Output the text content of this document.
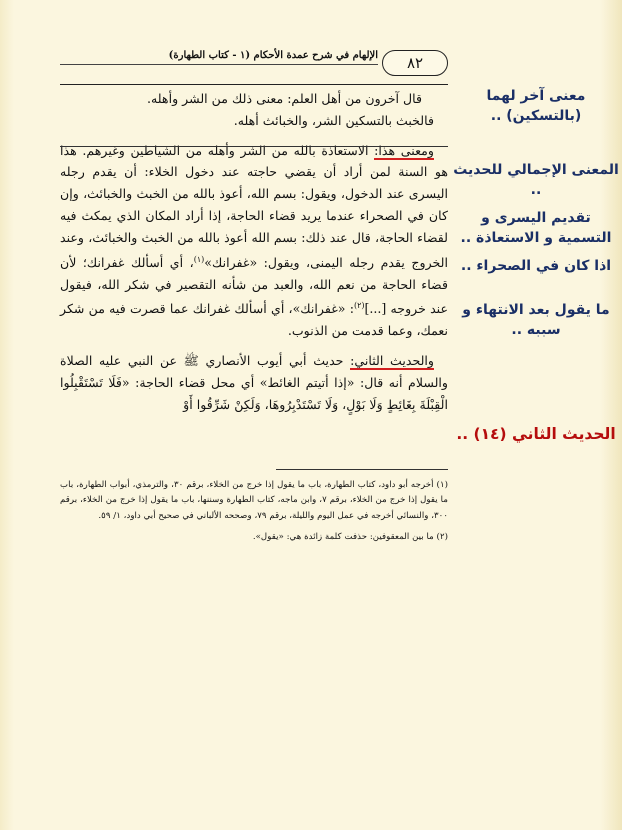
٨٢
الإلهام في شرح عمدة الأحكام (١ - كتاب الطهارة)

قال آخرون من أهل العلم: معنى ذلك من الشر وأهله.

فالخبث بالتسكين الشر، والخبائث أهله.

ومعنى هذا: الاستعاذة بالله من الشر وأهله من الشياطين وغيرهم. هذا هو السنة لمن أراد أن يقضي حاجته عند دخول الخلاء: أن يقدم رجله اليسرى عند الدخول، ويقول: بسم الله، أعوذ بالله من الخبث والخبائث، وإن كان في الصحراء عندما يريد قضاء الحاجة، إذا أراد المكان الذي يمكث فيه لقضاء الحاجة، قال عند ذلك: بسم الله أعوذ بالله من الخبث والخبائث، وعند الخروج يقدم رجله اليمنى، ويقول: «غفرانك»$^{(١)}$، أي أسألك غفرانك؛ لأن قضاء الحاجة من نعم الله، والعبد من شأنه التقصير في شكر الله، فيقول عند خروجه [...]$^{(٢)}$: «غفرانك»، أي أسألك غفرانك عما قصرت فيه من شكر نعمك، وعما قدمت من الذنوب.

والحديث الثاني: حديث أبي أيوب الأنصاري ﷺ عن النبي عليه الصلاة والسلام أنه قال: «إذا أتيتم الغائط» أي محل قضاء الحاجة: «فَلَا تَسْتَقْبِلُوا الْقِبْلَةَ بِغَائِطٍ وَلَا بَوْلٍ، وَلَا تَسْتَدْبِرُوهَا، وَلَكِنْ شَرِّقُوا أَوْ

(١) أخرجه أبو داود، كتاب الطهارة، باب ما يقول إذا خرج من الخلاء، برقم ٣٠، والترمذي، أبواب الطهارة، باب ما يقول إذا خرج من الخلاء، برقم ٧، وابن ماجه، كتاب الطهارة وسننها، باب ما يقول إذا خرج من الخلاء، برقم ٣٠٠، والنسائي أخرجه في عمل اليوم والليلة، برقم ٧٩، وصححه الألباني في صحيح أبي داود، ١/ ٥٩.

(٢) ما بين المعقوفين: حذفت كلمة زائدة هي: «يقول».

معنى آخر لهما (بالتسكين) ..
المعنى الإجمالي للحديث ..
تقديم اليسرى و التسمية و الاستعاذة ..
اذا كان في الصحراء ..
ما يقول بعد الانتهاء و سببه ..
الحديث الثاني (١٤) ..
